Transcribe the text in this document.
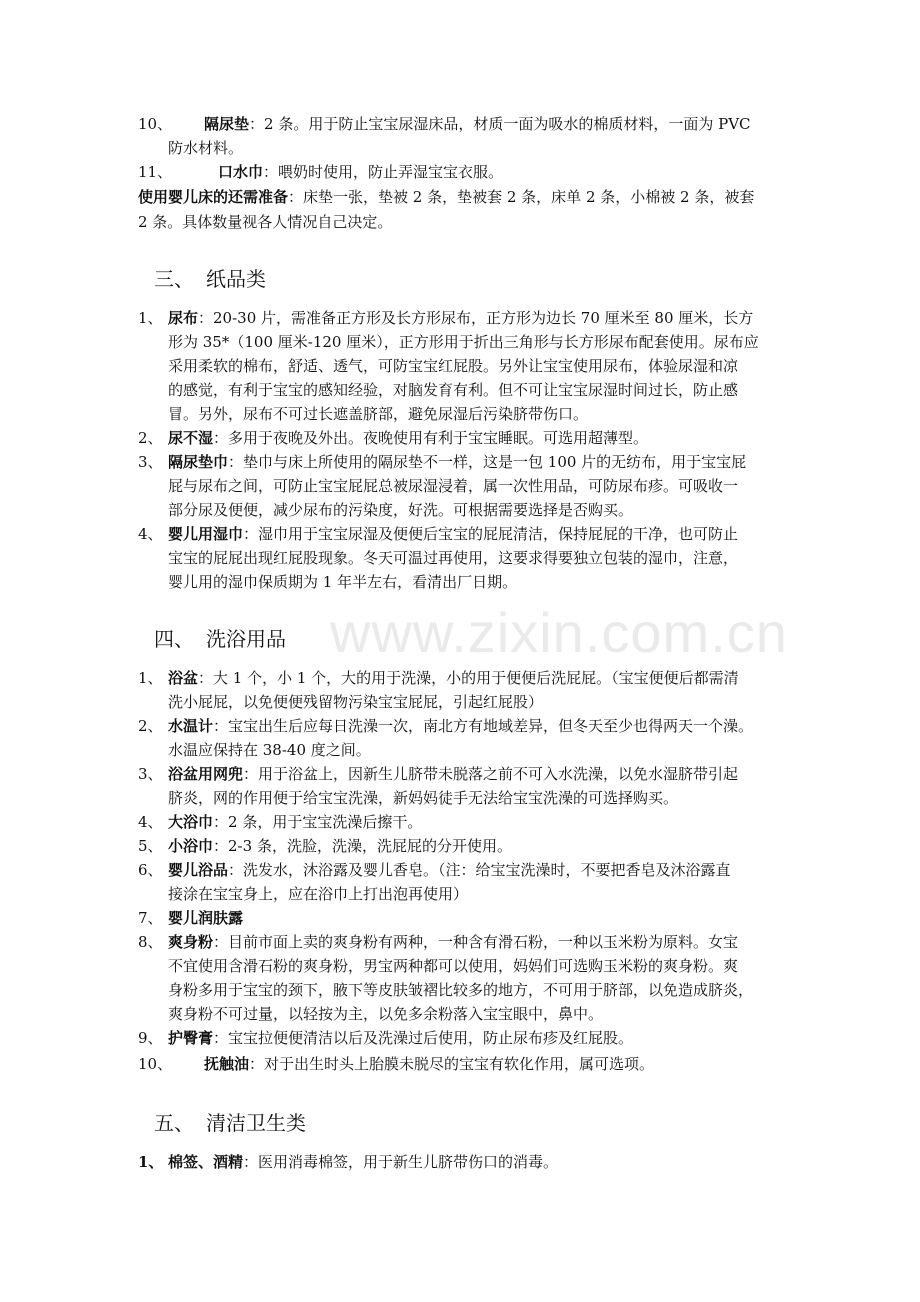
www.zixin.com.cn
10、 隔尿垫：2 条。用于防止宝宝尿湿床品，材质一面为吸水的棉质材料，一面为 PVC
防水材料。
11、	口水巾：喂奶时使用，防止弄湿宝宝衣服。
使用婴儿床的还需准备：床垫一张，垫被 2 条，垫被套 2 条，床单 2 条，小棉被 2 条，被套
2 条。具体数量视各人情况自己决定。
三、 纸品类
1、 尿布：20-30 片，需准备正方形及长方形尿布，正方形为边长 70 厘米至 80 厘米，长方
形为 35*（100 厘米-120 厘米），正方形用于折出三角形与长方形尿布配套使用。尿布应
采用柔软的棉布，舒适、透气，可防宝宝红屁股。另外让宝宝使用尿布，体验尿湿和凉
的感觉，有利于宝宝的感知经验，对脑发育有利。但不可让宝宝尿湿时间过长，防止感
冒。另外，尿布不可过长遮盖脐部，避免尿湿后污染脐带伤口。
2、 尿不湿：多用于夜晚及外出。夜晚使用有利于宝宝睡眠。可选用超薄型。
3、 隔尿垫巾：垫巾与床上所使用的隔尿垫不一样，这是一包 100 片的无纺布，用于宝宝屁
屁与尿布之间，可防止宝宝屁屁总被尿湿浸着，属一次性用品，可防尿布疹。可吸收一
部分尿及便便，减少尿布的污染度，好洗。可根据需要选择是否购买。
4、 婴儿用湿巾：湿巾用于宝宝尿湿及便便后宝宝的屁屁清洁，保持屁屁的干净，也可防止
宝宝的屁屁出现红屁股现象。冬天可温过再使用，这要求得要独立包装的湿巾，注意，
婴儿用的湿巾保质期为 1 年半左右，看清出厂日期。
四、 洗浴用品
1、 浴盆：大 1 个，小 1 个，大的用于洗澡，小的用于便便后洗屁屁。（宝宝便便后都需清
洗小屁屁，以免便便残留物污染宝宝屁屁，引起红屁股）
2、 水温计：宝宝出生后应每日洗澡一次，南北方有地域差异，但冬天至少也得两天一个澡。
水温应保持在 38-40 度之间。
3、 浴盆用网兜：用于浴盆上，因新生儿脐带未脱落之前不可入水洗澡，以免水湿脐带引起
脐炎，网的作用便于给宝宝洗澡，新妈妈徒手无法给宝宝洗澡的可选择购买。
4、 大浴巾：2 条，用于宝宝洗澡后擦干。
5、 小浴巾：2-3 条，洗脸，洗澡，洗屁屁的分开使用。
6、 婴儿浴品：洗发水，沐浴露及婴儿香皂。（注：给宝宝洗澡时，不要把香皂及沐浴露直
接涂在宝宝身上，应在浴巾上打出泡再使用）
7、 婴儿润肤露
8、 爽身粉：目前市面上卖的爽身粉有两种，一种含有滑石粉，一种以玉米粉为原料。女宝
不宜使用含滑石粉的爽身粉，男宝两种都可以使用，妈妈们可选购玉米粉的爽身粉。爽
身粉多用于宝宝的颈下，腋下等皮肤皱褶比较多的地方，不可用于脐部，以免造成脐炎，
爽身粉不可过量，以轻按为主，以免多余粉落入宝宝眼中，鼻中。
9、 护臀膏：宝宝拉便便清洁以后及洗澡过后使用，防止尿布疹及红屁股。
10、 抚触油：对于出生时头上胎膜未脱尽的宝宝有软化作用，属可选项。
五、 清洁卫生类
1、 棉签、酒精：医用消毒棉签，用于新生儿脐带伤口的消毒。
